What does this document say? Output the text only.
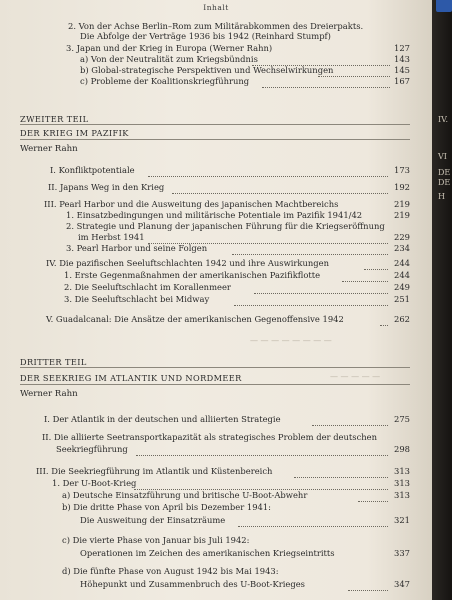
Inhalt
2. Von der Achse Berlin–Rom zum Militärabkommen des Dreierpakts.
Die Abfolge der Verträge 1936 bis 1942 (Reinhard Stumpf)
3. Japan und der Krieg in Europa (Werner Rahn)	127
a) Von der Neutralität zum Kriegsbündnis	143
b) Global-strategische Perspektiven und Wechselwirkungen	145
c) Probleme der Koalitionskriegführung	167
ZWEITER TEIL
DER KRIEG IM PAZIFIK
Werner Rahn
I. Konfliktpotentiale	173
II. Japans Weg in den Krieg	192
III. Pearl Harbor und die Ausweitung des japanischen Machtbereichs	219
1. Einsatzbedingungen und militärische Potentiale im Pazifik 1941/42	219
2. Strategie und Planung der japanischen Führung für die Kriegseröffnung
im Herbst 1941	229
3. Pearl Harbor und seine Folgen	234
IV. Die pazifischen Seeluftschlachten 1942 und ihre Auswirkungen	244
1. Erste Gegenmaßnahmen der amerikanischen Pazifikflotte	244
2. Die Seeluftschlacht im Korallenmeer	249
3. Die Seeluftschlacht bei Midway	251
V. Guadalcanal: Die Ansätze der amerikanischen Gegenoffensive 1942	262
— — — — — — — —
— — — — —
DRITTER TEIL
DER SEEKRIEG IM ATLANTIK UND NORDMEER
Werner Rahn
I. Der Atlantik in der deutschen und alliierten Strategie	275
II. Die alliierte Seetransportkapazität als strategisches Problem der deutschen
Seekriegführung	298
III. Die Seekriegführung im Atlantik und Küstenbereich	313
1. Der U-Boot-Krieg	313
a) Deutsche Einsatzführung und britische U-Boot-Abwehr	313
b) Die dritte Phase von April bis Dezember 1941:
Die Ausweitung der Einsatzräume	321
c) Die vierte Phase von Januar bis Juli 1942:
Operationen im Zeichen des amerikanischen Kriegseintritts	337
d) Die fünfte Phase von August 1942 bis Mai 1943:
Höhepunkt und Zusammenbruch des U-Boot-Krieges	347
IV.
VI
DE
DE
H
